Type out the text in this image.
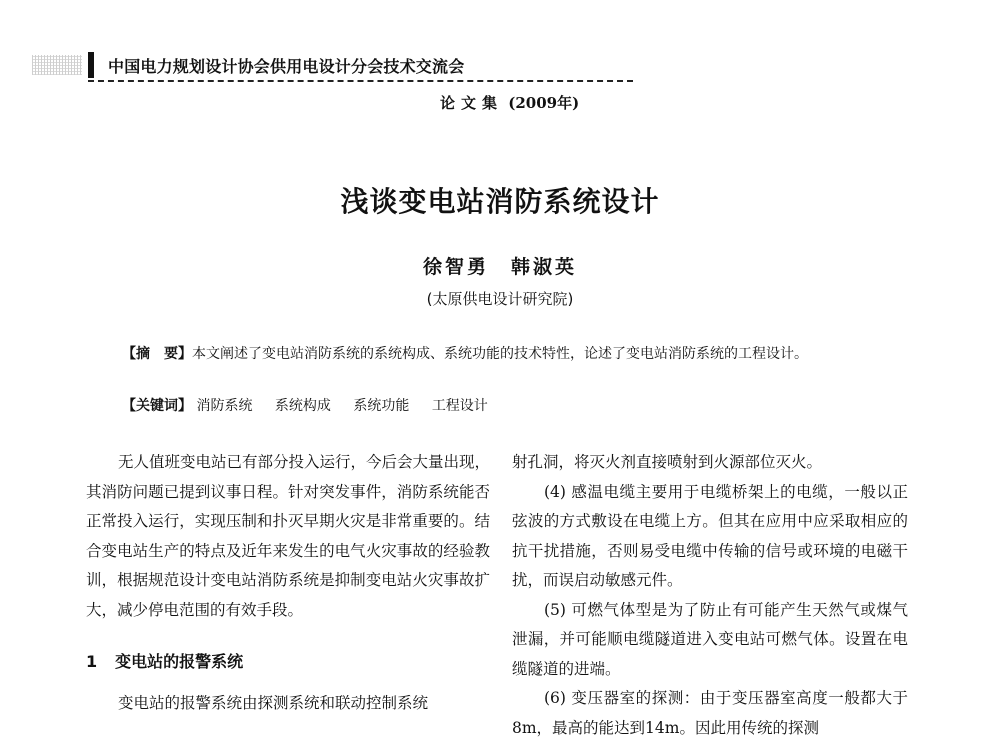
中国电力规划设计协会供用电设计分会技术交流会
论文集 (2009年)
浅谈变电站消防系统设计
徐智勇　韩淑英
(太原供电设计研究院)
【摘　要】本文阐述了变电站消防系统的系统构成、系统功能的技术特性，论述了变电站消防系统的工程设计。
【关键词】 消防系统 系统构成 系统功能 工程设计

无人值班变电站已有部分投入运行，今后会大量出现，其消防问题已提到议事日程。针对突发事件，消防系统能否正常投入运行，实现压制和扑灭早期火灾是非常重要的。结合变电站生产的特点及近年来发生的电气火灾事故的经验教训，根据规范设计变电站消防系统是抑制变电站火灾事故扩大，减少停电范围的有效手段。

1 变电站的报警系统

变电站的报警系统由探测系统和联动控制系统

射孔洞，将灭火剂直接喷射到火源部位灭火。

(4) 感温电缆主要用于电缆桥架上的电缆，一般以正弦波的方式敷设在电缆上方。但其在应用中应采取相应的抗干扰措施，否则易受电缆中传输的信号或环境的电磁干扰，而误启动敏感元件。

(5) 可燃气体型是为了防止有可能产生天然气或煤气泄漏，并可能顺电缆隧道进入变电站可燃气体。设置在电缆隧道的进端。

(6) 变压器室的探测：由于变压器室高度一般都大于8m，最高的能达到14m。因此用传统的探测
